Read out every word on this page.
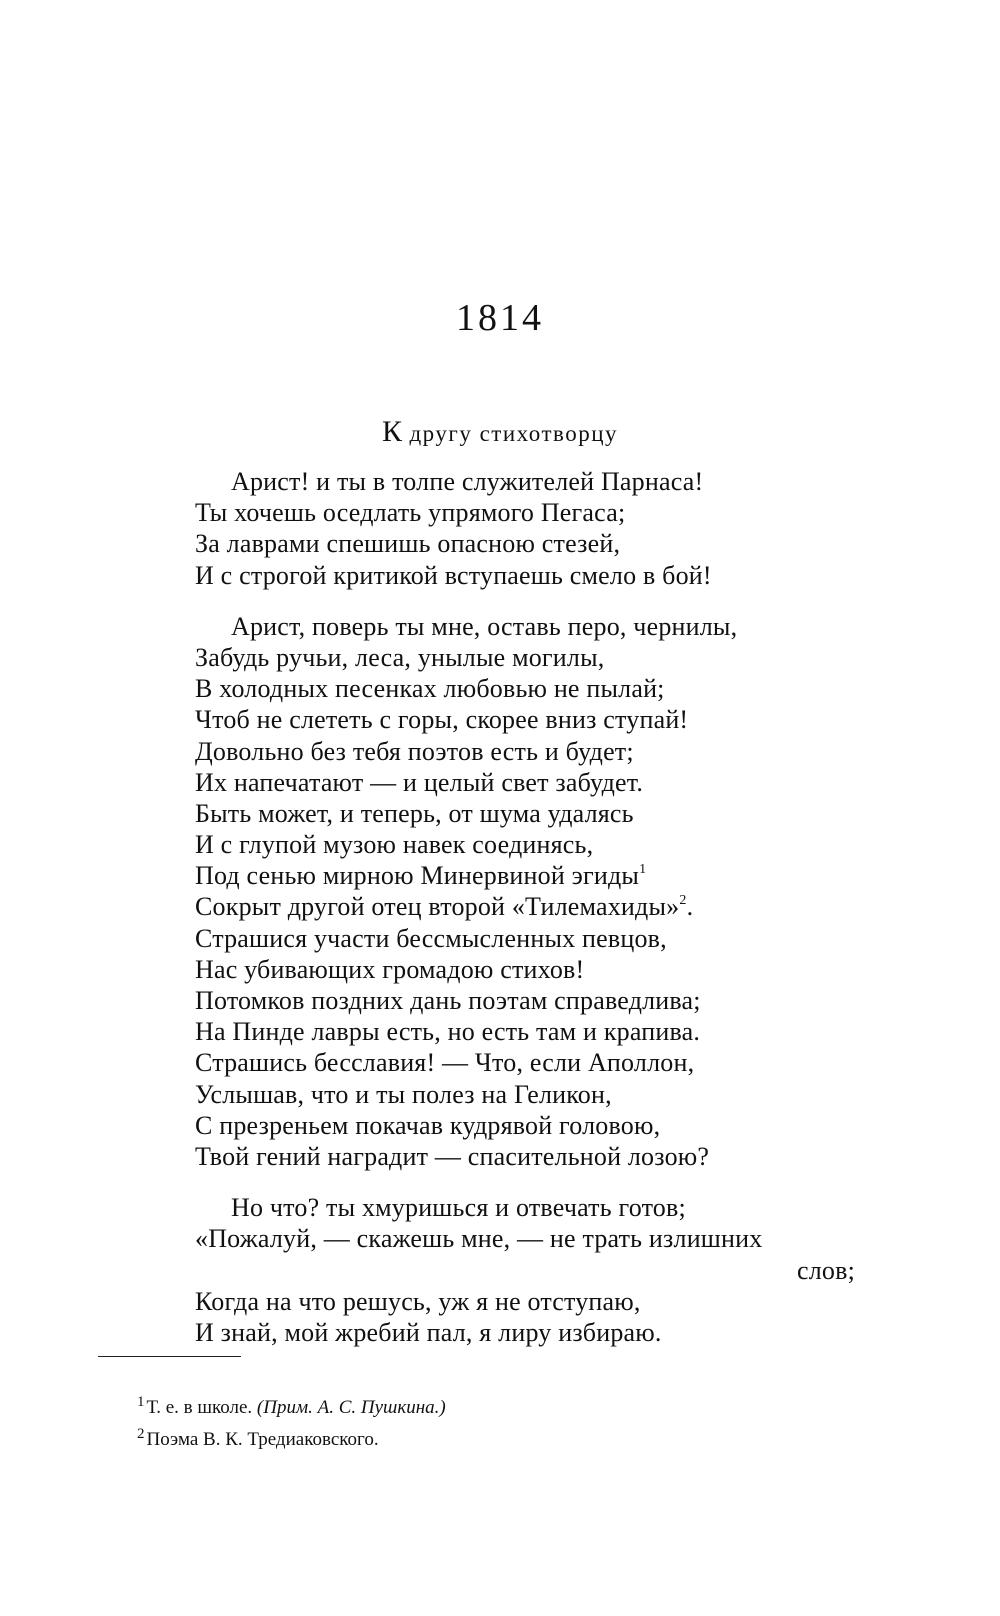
1814
К другу стихотворцу
Арист! и ты в толпе служителей Парнаса!
Ты хочешь оседлать упрямого Пегаса;
За лаврами спешишь опасною стезей,
И с строгой критикой вступаешь смело в бой!
Арист, поверь ты мне, оставь перо, чернилы,
Забудь ручьи, леса, унылые могилы,
В холодных песенках любовью не пылай;
Чтоб не слететь с горы, скорее вниз ступай!
Довольно без тебя поэтов есть и будет;
Их напечатают — и целый свет забудет.
Быть может, и теперь, от шума удалясь
И с глупой музою навек соединясь,
Под сенью мирною Минервиной эгиды$^1$
Сокрыт другой отец второй «Тилемахиды»$^2$.
Страшися участи бессмысленных певцов,
Нас убивающих громадою стихов!
Потомков поздних дань поэтам справедлива;
На Пинде лавры есть, но есть там и крапива.
Страшись бесславия! — Что, если Аполлон,
Услышав, что и ты полез на Геликон,
С презреньем покачав кудрявой головою,
Твой гений наградит — спасительной лозою?
Но что? ты хмуришься и отвечать готов;
«Пожалуй, — скажешь мне, — не трать излишних
слов;
Когда на что решусь, уж я не отступаю,
И знай, мой жребий пал, я лиру избираю.
$^1$ Т. е. в школе. (Прим. А. С. Пушкина.)
$^2$ Поэма В. К. Тредиаковского.
